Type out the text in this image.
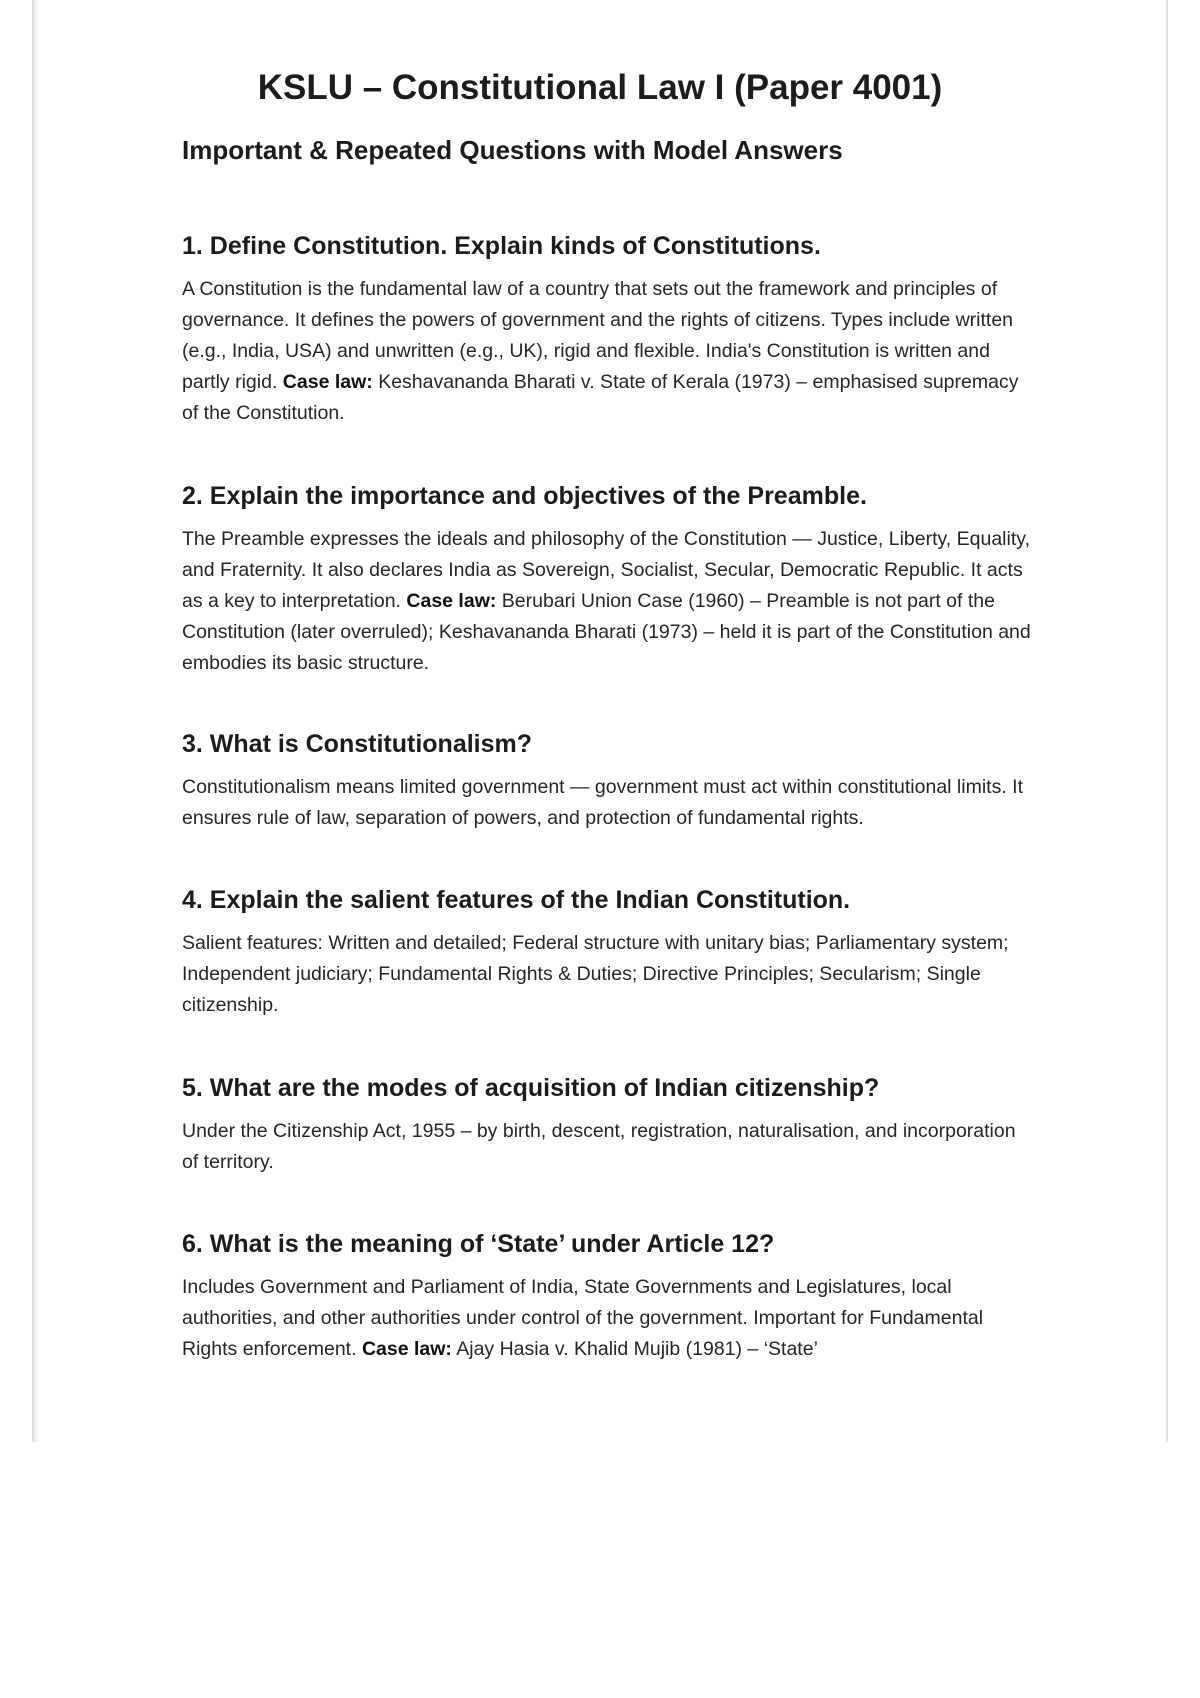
KSLU – Constitutional Law I (Paper 4001)
Important & Repeated Questions with Model Answers
1. Define Constitution. Explain kinds of Constitutions.

A Constitution is the fundamental law of a country that sets out the framework and principles of governance. It defines the powers of government and the rights of citizens. Types include written (e.g., India, USA) and unwritten (e.g., UK), rigid and flexible. India's Constitution is written and partly rigid. Case law: Keshavananda Bharati v. State of Kerala (1973) – emphasised supremacy of the Constitution.

2. Explain the importance and objectives of the Preamble.

The Preamble expresses the ideals and philosophy of the Constitution — Justice, Liberty, Equality, and Fraternity. It also declares India as Sovereign, Socialist, Secular, Democratic Republic. It acts as a key to interpretation. Case law: Berubari Union Case (1960) – Preamble is not part of the Constitution (later overruled); Keshavananda Bharati (1973) – held it is part of the Constitution and embodies its basic structure.

3. What is Constitutionalism?

Constitutionalism means limited government — government must act within constitutional limits. It ensures rule of law, separation of powers, and protection of fundamental rights.

4. Explain the salient features of the Indian Constitution.

Salient features: Written and detailed; Federal structure with unitary bias; Parliamentary system; Independent judiciary; Fundamental Rights & Duties; Directive Principles; Secularism; Single citizenship.

5. What are the modes of acquisition of Indian citizenship?

Under the Citizenship Act, 1955 – by birth, descent, registration, naturalisation, and incorporation of territory.

6. What is the meaning of ‘State’ under Article 12?

Includes Government and Parliament of India, State Governments and Legislatures, local authorities, and other authorities under control of the government. Important for Fundamental Rights enforcement. Case law: Ajay Hasia v. Khalid Mujib (1981) – ‘State’
